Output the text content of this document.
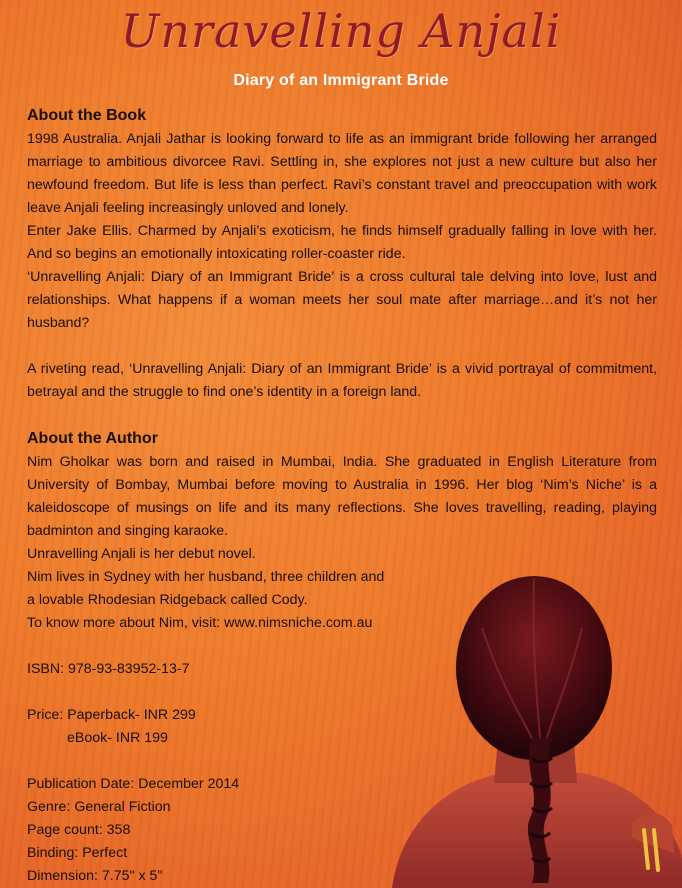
Unravelling Anjali
Diary of an Immigrant Bride
About the Book

1998 Australia. Anjali Jathar is looking forward to life as an immigrant bride following her arranged marriage to ambitious divorcee Ravi. Settling in, she explores not just a new culture but also her newfound freedom. But life is less than perfect. Ravi’s constant travel and preoccupation with work leave Anjali feeling increasingly unloved and lonely.

Enter Jake Ellis. Charmed by Anjali’s exoticism, he finds himself gradually falling in love with her. And so begins an emotionally intoxicating roller-coaster ride.

‘Unravelling Anjali: Diary of an Immigrant Bride’ is a cross cultural tale delving into love, lust and relationships. What happens if a woman meets her soul mate after marriage…and it’s not her husband?

A riveting read, ‘Unravelling Anjali: Diary of an Immigrant Bride’ is a vivid portrayal of commitment, betrayal and the struggle to find one’s identity in a foreign land.

About the Author

Nim Gholkar was born and raised in Mumbai, India. She graduated in English Literature from University of Bombay, Mumbai before moving to Australia in 1996. Her blog ‘Nim’s Niche’ is a kaleidoscope of musings on life and its many reflections. She loves travelling, reading, playing badminton and singing karaoke.

Unravelling Anjali is her debut novel.

Nim lives in Sydney with her husband, three children and

a lovable Rhodesian Ridgeback called Cody.

To know more about Nim, visit: www.nimsniche.com.au

ISBN: 978-93-83952-13-7

Price: Paperback- INR 299

eBook- INR 199

Publication Date: December 2014

Genre: General Fiction

Page count: 358

Binding: Perfect

Dimension: 7.75" x 5"
